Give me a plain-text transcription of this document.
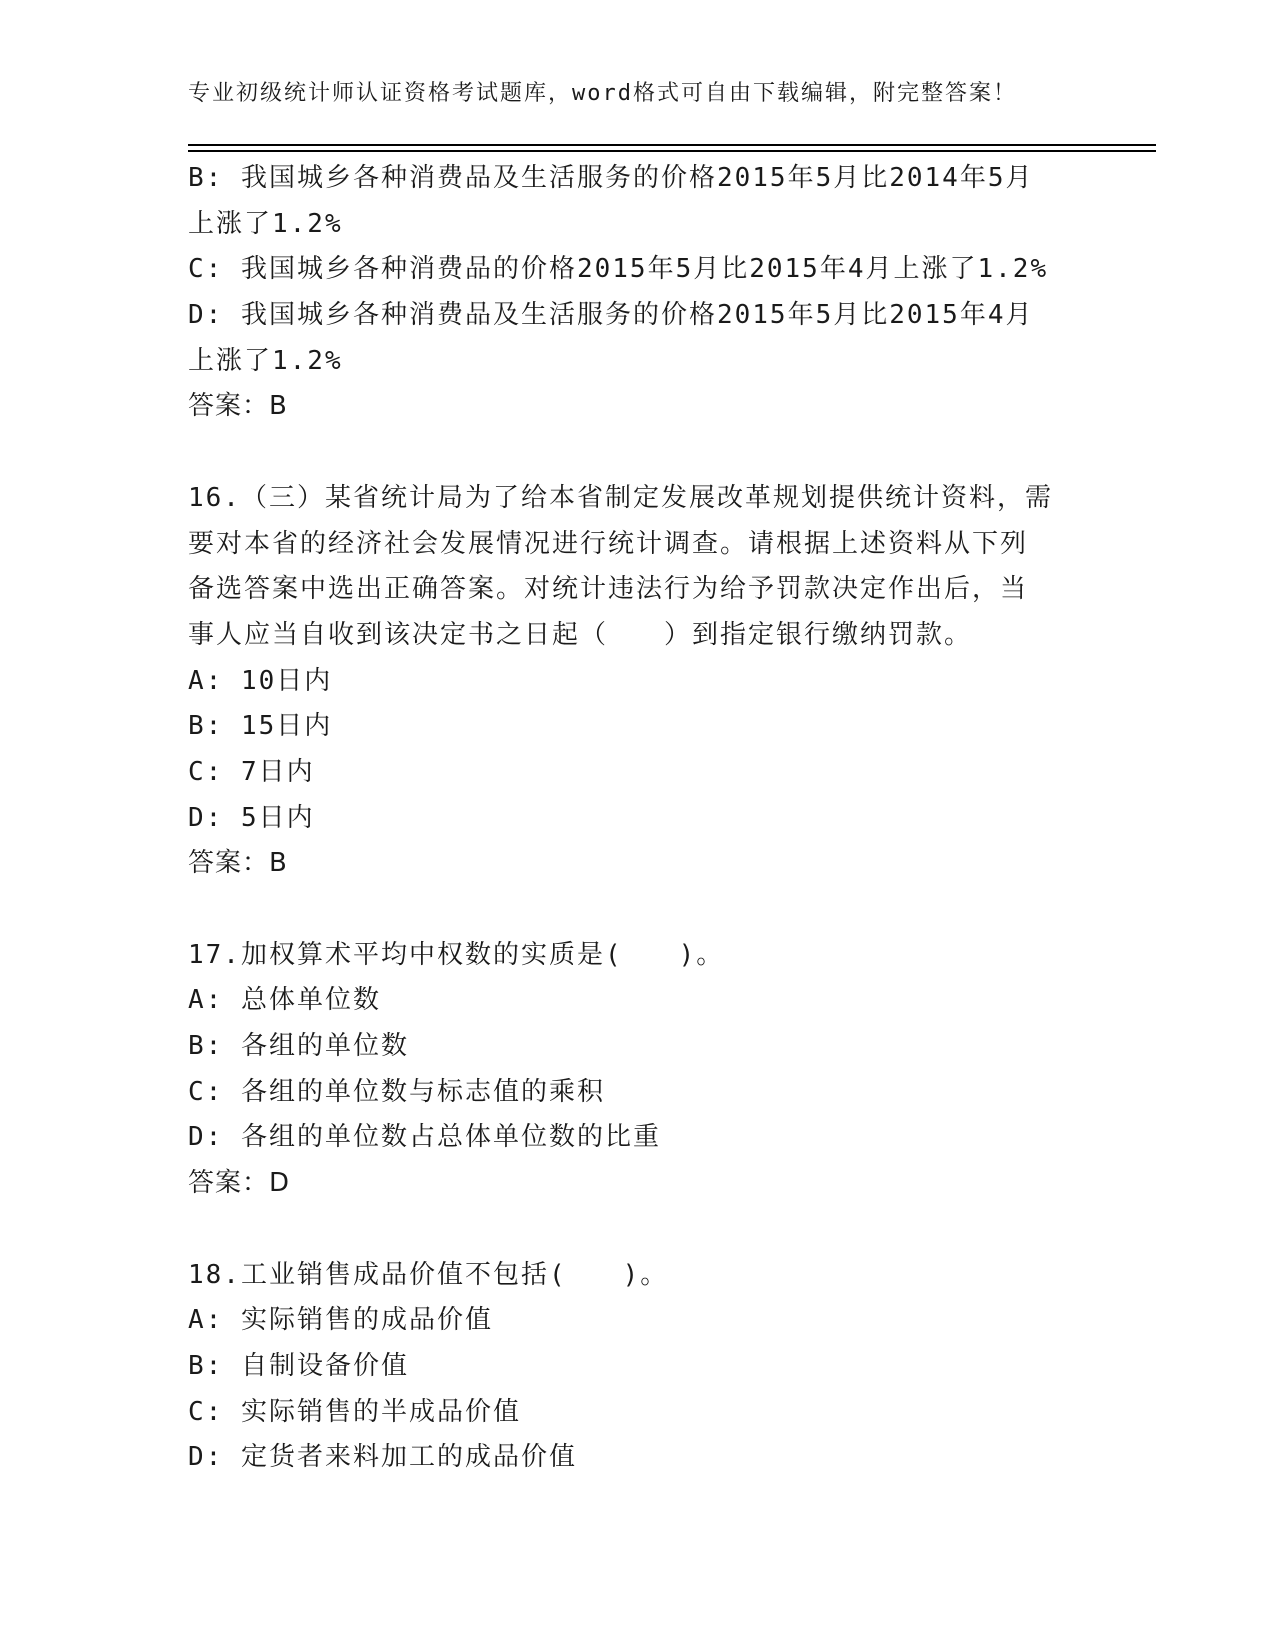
专业初级统计师认证资格考试题库，word格式可自由下载编辑，附完整答案！
B: 我国城乡各种消费品及生活服务的价格2015年5月比2014年5月
上涨了1.2%
C: 我国城乡各种消费品的价格2015年5月比2015年4月上涨了1.2%
D: 我国城乡各种消费品及生活服务的价格2015年5月比2015年4月
上涨了1.2%
答案：B
16.（三）某省统计局为了给本省制定发展改革规划提供统计资料，需
要对本省的经济社会发展情况进行统计调查。请根据上述资料从下列
备选答案中选出正确答案。对统计违法行为给予罚款决定作出后，当
事人应当自收到该决定书之日起（　　）到指定银行缴纳罚款。
A: 10日内
B: 15日内
C: 7日内
D: 5日内
答案：B
17.加权算术平均中权数的实质是(　　)。
A: 总体单位数
B: 各组的单位数
C: 各组的单位数与标志值的乘积
D: 各组的单位数占总体单位数的比重
答案：D
18.工业销售成品价值不包括(　　)。
A: 实际销售的成品价值
B: 自制设备价值
C: 实际销售的半成品价值
D: 定货者来料加工的成品价值
